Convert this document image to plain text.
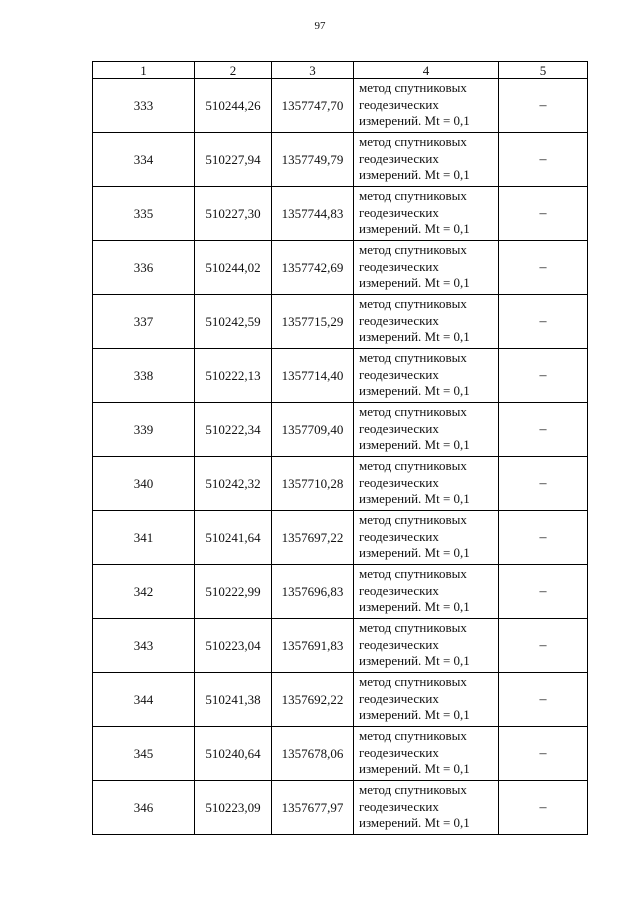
97
1	2	3	4	5
333	510244,26	1357747,70	метод спутниковых геодезических измерений. Mt = 0,1	–
334	510227,94	1357749,79	метод спутниковых геодезических измерений. Mt = 0,1	–
335	510227,30	1357744,83	метод спутниковых геодезических измерений. Mt = 0,1	–
336	510244,02	1357742,69	метод спутниковых геодезических измерений. Mt = 0,1	–
337	510242,59	1357715,29	метод спутниковых геодезических измерений. Mt = 0,1	–
338	510222,13	1357714,40	метод спутниковых геодезических измерений. Mt = 0,1	–
339	510222,34	1357709,40	метод спутниковых геодезических измерений. Mt = 0,1	–
340	510242,32	1357710,28	метод спутниковых геодезических измерений. Mt = 0,1	–
341	510241,64	1357697,22	метод спутниковых геодезических измерений. Mt = 0,1	–
342	510222,99	1357696,83	метод спутниковых геодезических измерений. Mt = 0,1	–
343	510223,04	1357691,83	метод спутниковых геодезических измерений. Mt = 0,1	–
344	510241,38	1357692,22	метод спутниковых геодезических измерений. Mt = 0,1	–
345	510240,64	1357678,06	метод спутниковых геодезических измерений. Mt = 0,1	–
346	510223,09	1357677,97	метод спутниковых геодезических измерений. Mt = 0,1	–
